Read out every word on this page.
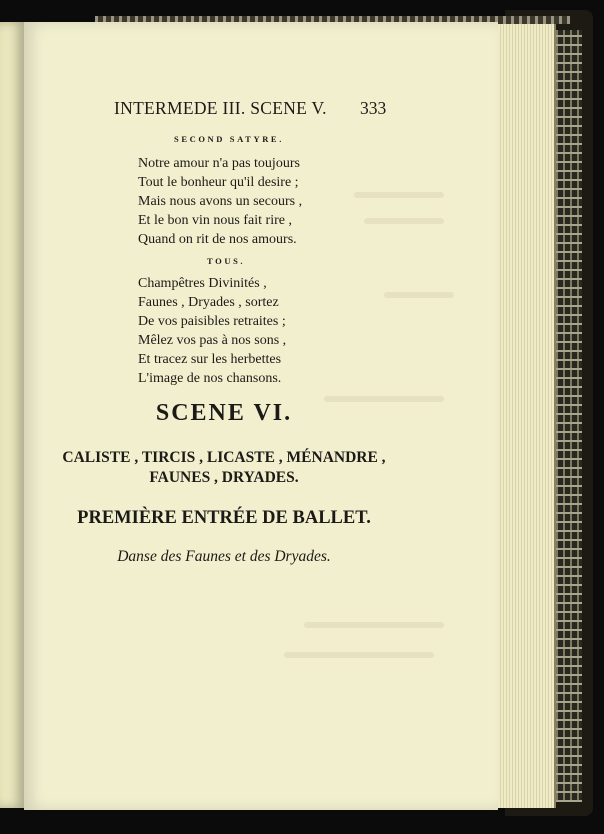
INTERMEDE III. SCENE V. 333
SECOND SATYRE.
Notre amour n'a pas toujours
Tout le bonheur qu'il desire ;
Mais nous avons un secours ,
Et le bon vin nous fait rire ,
Quand on rit de nos amours.
TOUS.
Champêtres Divinités ,
Faunes , Dryades , sortez
De vos paisibles retraites ;
Mêlez vos pas à nos sons ,
Et tracez sur les herbettes
L'image de nos chansons.
SCENE VI.
CALISTE , TIRCIS , LICASTE , MÉNANDRE ,
FAUNES , DRYADES.
PREMIÈRE ENTRÉE DE BALLET.
Danse des Faunes et des Dryades.
